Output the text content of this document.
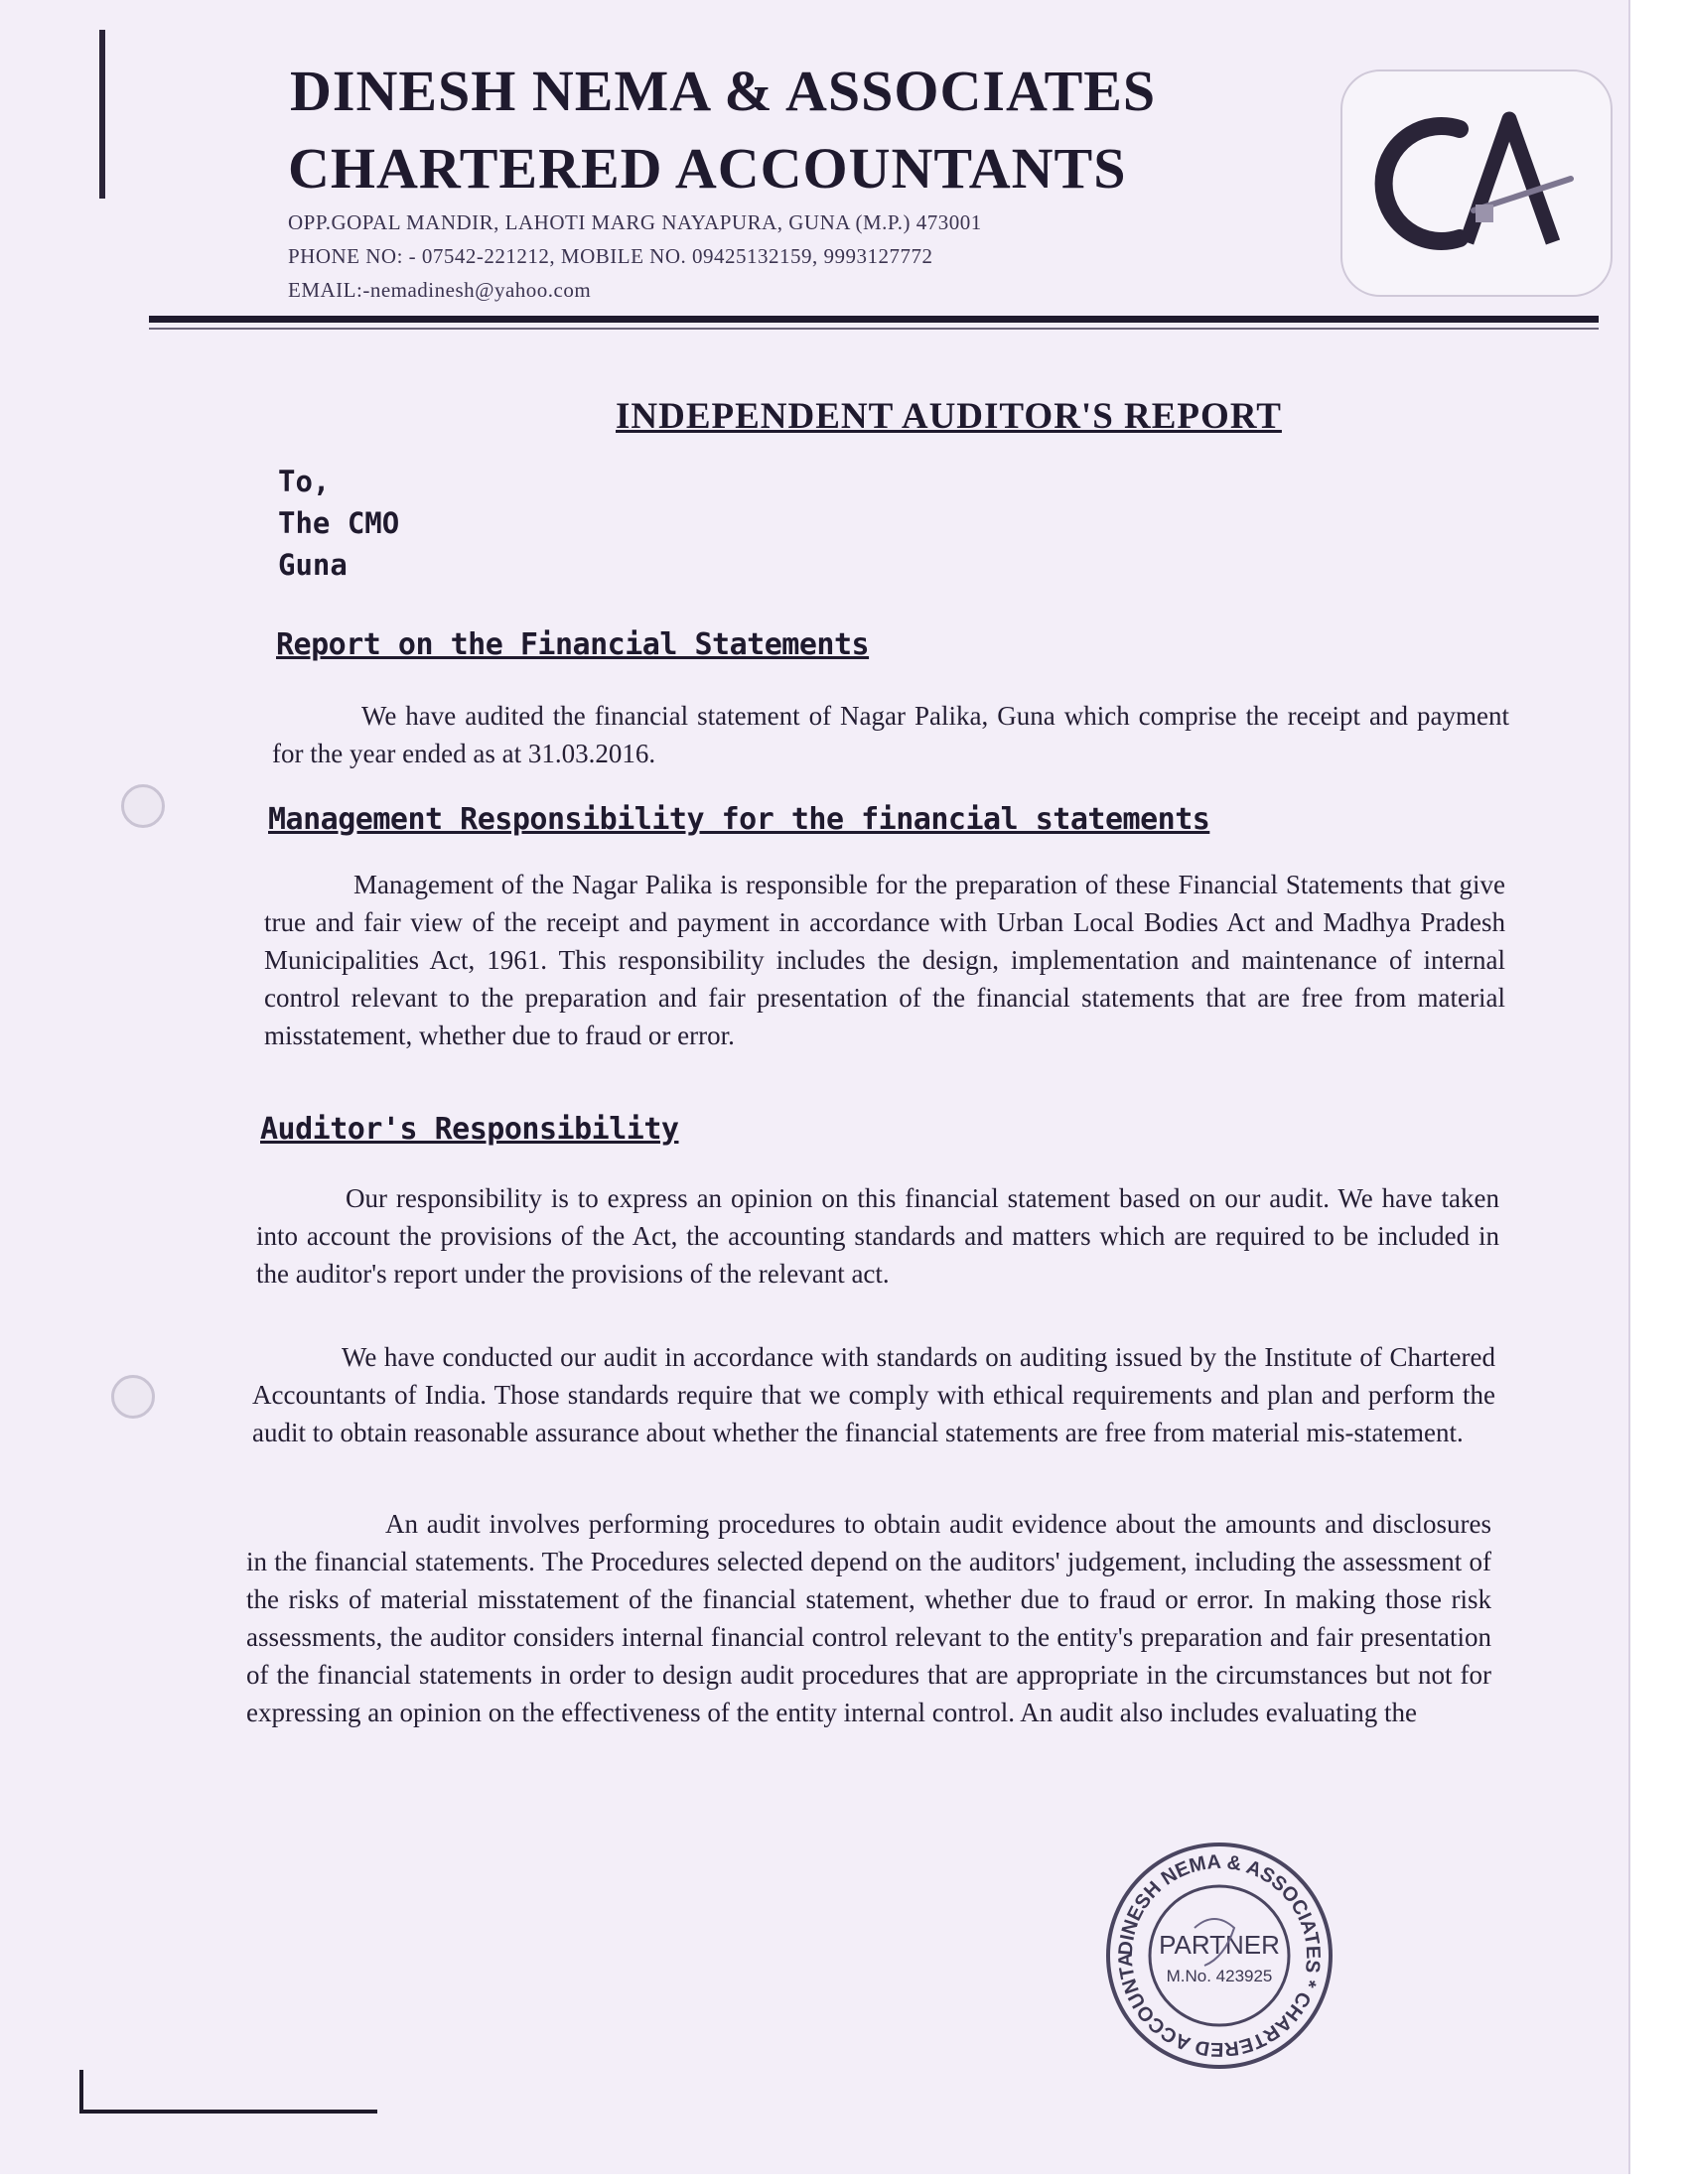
DINESH NEMA & ASSOCIATES
CHARTERED ACCOUNTANTS

OPP.GOPAL MANDIR, LAHOTI MARG NAYAPURA, GUNA (M.P.) 473001

PHONE NO: - 07542-221212, MOBILE NO. 09425132159, 9993127772

EMAIL:-nemadinesh@yahoo.com

INDEPENDENT AUDITOR'S REPORT

To,

The CMO

Guna

Report on the Financial Statements

We have audited the financial statement of Nagar Palika, Guna which comprise the receipt and payment for the year ended as at 31.03.2016.

Management Responsibility for the financial statements

Management of the Nagar Palika is responsible for the preparation of these Financial Statements that give true and fair view of the receipt and payment in accordance with Urban Local Bodies Act and Madhya Pradesh Municipalities Act, 1961. This responsibility includes the design, implementation and maintenance of internal control relevant to the preparation and fair presentation of the financial statements that are free from material misstatement, whether due to fraud or error.

Auditor's Responsibility

Our responsibility is to express an opinion on this financial statement based on our audit. We have taken into account the provisions of the Act, the accounting standards and matters which are required to be included in the auditor's report under the provisions of the relevant act.

We have conducted our audit in accordance with standards on auditing issued by the Institute of Chartered Accountants of India. Those standards require that we comply with ethical requirements and plan and perform the audit to obtain reasonable assurance about whether the financial statements are free from material mis-statement.

An audit involves performing procedures to obtain audit evidence about the amounts and disclosures in the financial statements. The Procedures selected depend on the auditors' judgement, including the assessment of the risks of material misstatement of the financial statement, whether due to fraud or error. In making those risk assessments, the auditor considers internal financial control relevant to the entity's preparation and fair presentation of the financial statements in order to design audit procedures that are appropriate in the circumstances but not for expressing an opinion on the effectiveness of the entity internal control. An audit also includes evaluating the

DINESH NEMA & ASSOCIATES * CHARTERED ACCOUNTA
PARTNER
M.No. 423925
